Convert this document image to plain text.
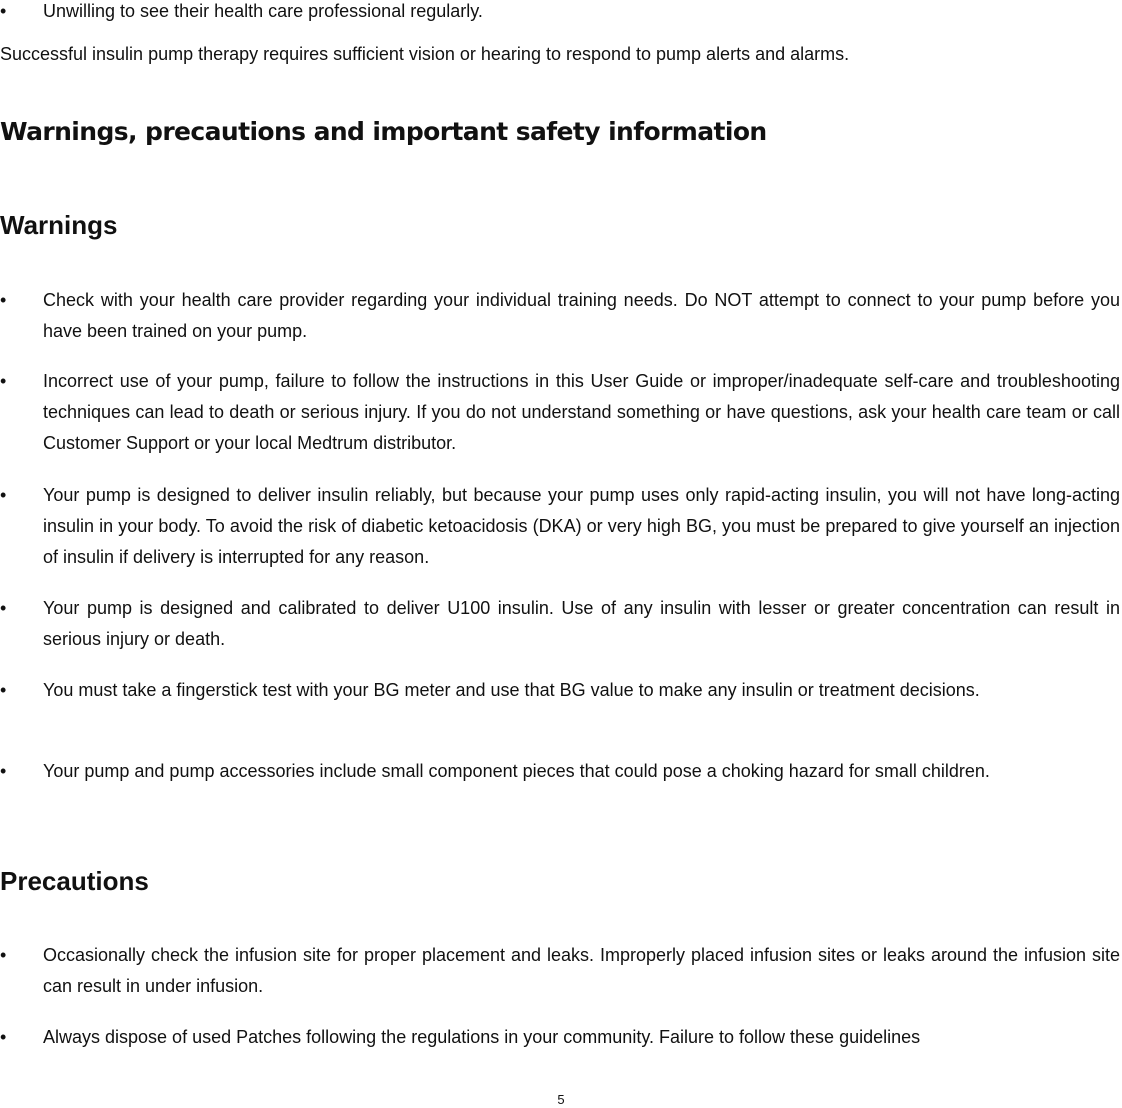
•	Unwilling to see their health care professional regularly.
Successful insulin pump therapy requires sufficient vision or hearing to respond to pump alerts and alarms.
Warnings, precautions and important safety information
Warnings
•	Check with your health care provider regarding your individual training needs. Do NOT attempt to connect to your pump before you have been trained on your pump.
•	Incorrect use of your pump, failure to follow the instructions in this User Guide or improper/inadequate self-care and troubleshooting techniques can lead to death or serious injury. If you do not understand something or have questions, ask your health care team or call Customer Support or your local Medtrum distributor.
•	Your pump is designed to deliver insulin reliably, but because your pump uses only rapid-acting insulin, you will not have long-acting insulin in your body. To avoid the risk of diabetic ketoacidosis (DKA) or very high BG, you must be prepared to give yourself an injection of insulin if delivery is interrupted for any reason.
•	Your pump is designed and calibrated to deliver U100 insulin. Use of any insulin with lesser or greater concentration can result in serious injury or death.
•	You must take a fingerstick test with your BG meter and use that BG value to make any insulin or treatment decisions.
•	Your pump and pump accessories include small component pieces that could pose a choking hazard for small children.
Precautions
•	Occasionally check the infusion site for proper placement and leaks. Improperly placed infusion sites or leaks around the infusion site can result in under infusion.
•	Always dispose of used Patches following the regulations in your community. Failure to follow these guidelines
5
